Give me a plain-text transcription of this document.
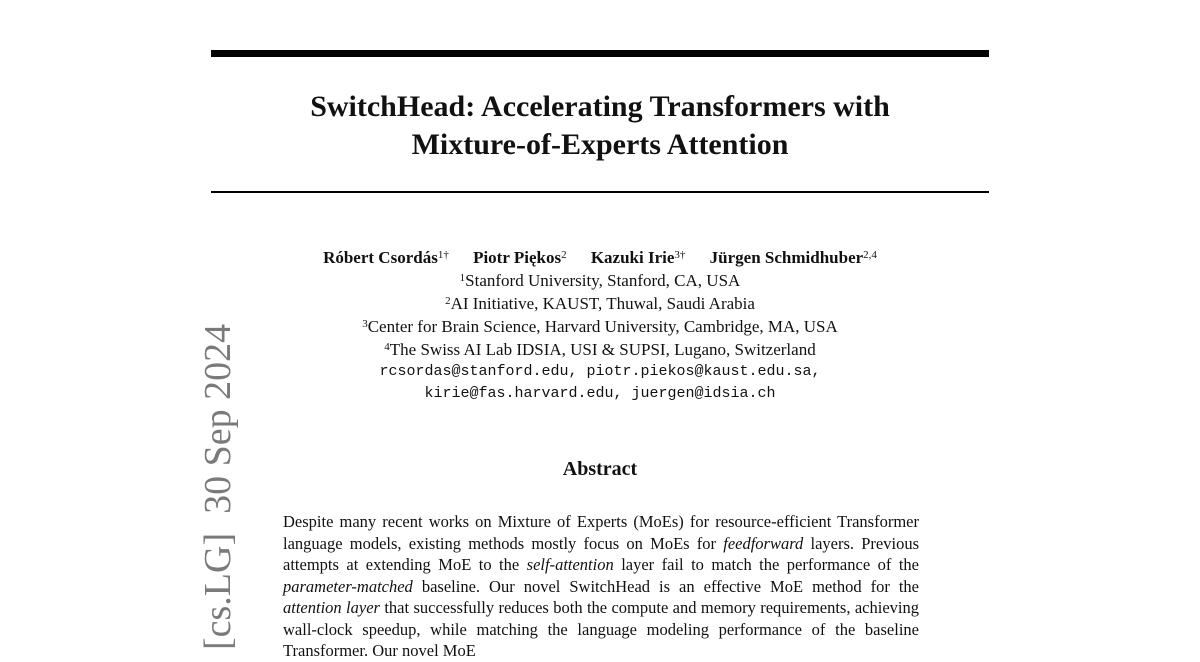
[cs.LG]  30 Sep 2024
SwitchHead: Accelerating Transformers with
Mixture-of-Experts Attention
Róbert Csordás$^{1\dagger}$ Piotr Piękos$^2$ Kazuki Irie$^{3\dagger}$ Jürgen Schmidhuber$^{2,4}$
$^1$Stanford University, Stanford, CA, USA
$^2$AI Initiative, KAUST, Thuwal, Saudi Arabia
$^3$Center for Brain Science, Harvard University, Cambridge, MA, USA
$^4$The Swiss AI Lab IDSIA, USI & SUPSI, Lugano, Switzerland
rcsordas@stanford.edu, piotr.piekos@kaust.edu.sa,
kirie@fas.harvard.edu, juergen@idsia.ch
Abstract
Despite many recent works on Mixture of Experts (MoEs) for resource-efficient Transformer language models, existing methods mostly focus on MoEs for feedforward layers. Previous attempts at extending MoE to the self-attention layer fail to match the performance of the parameter-matched baseline. Our novel SwitchHead is an effective MoE method for the attention layer that successfully reduces both the compute and memory requirements, achieving wall-clock speedup, while matching the language modeling performance of the baseline Transformer. Our novel MoE
